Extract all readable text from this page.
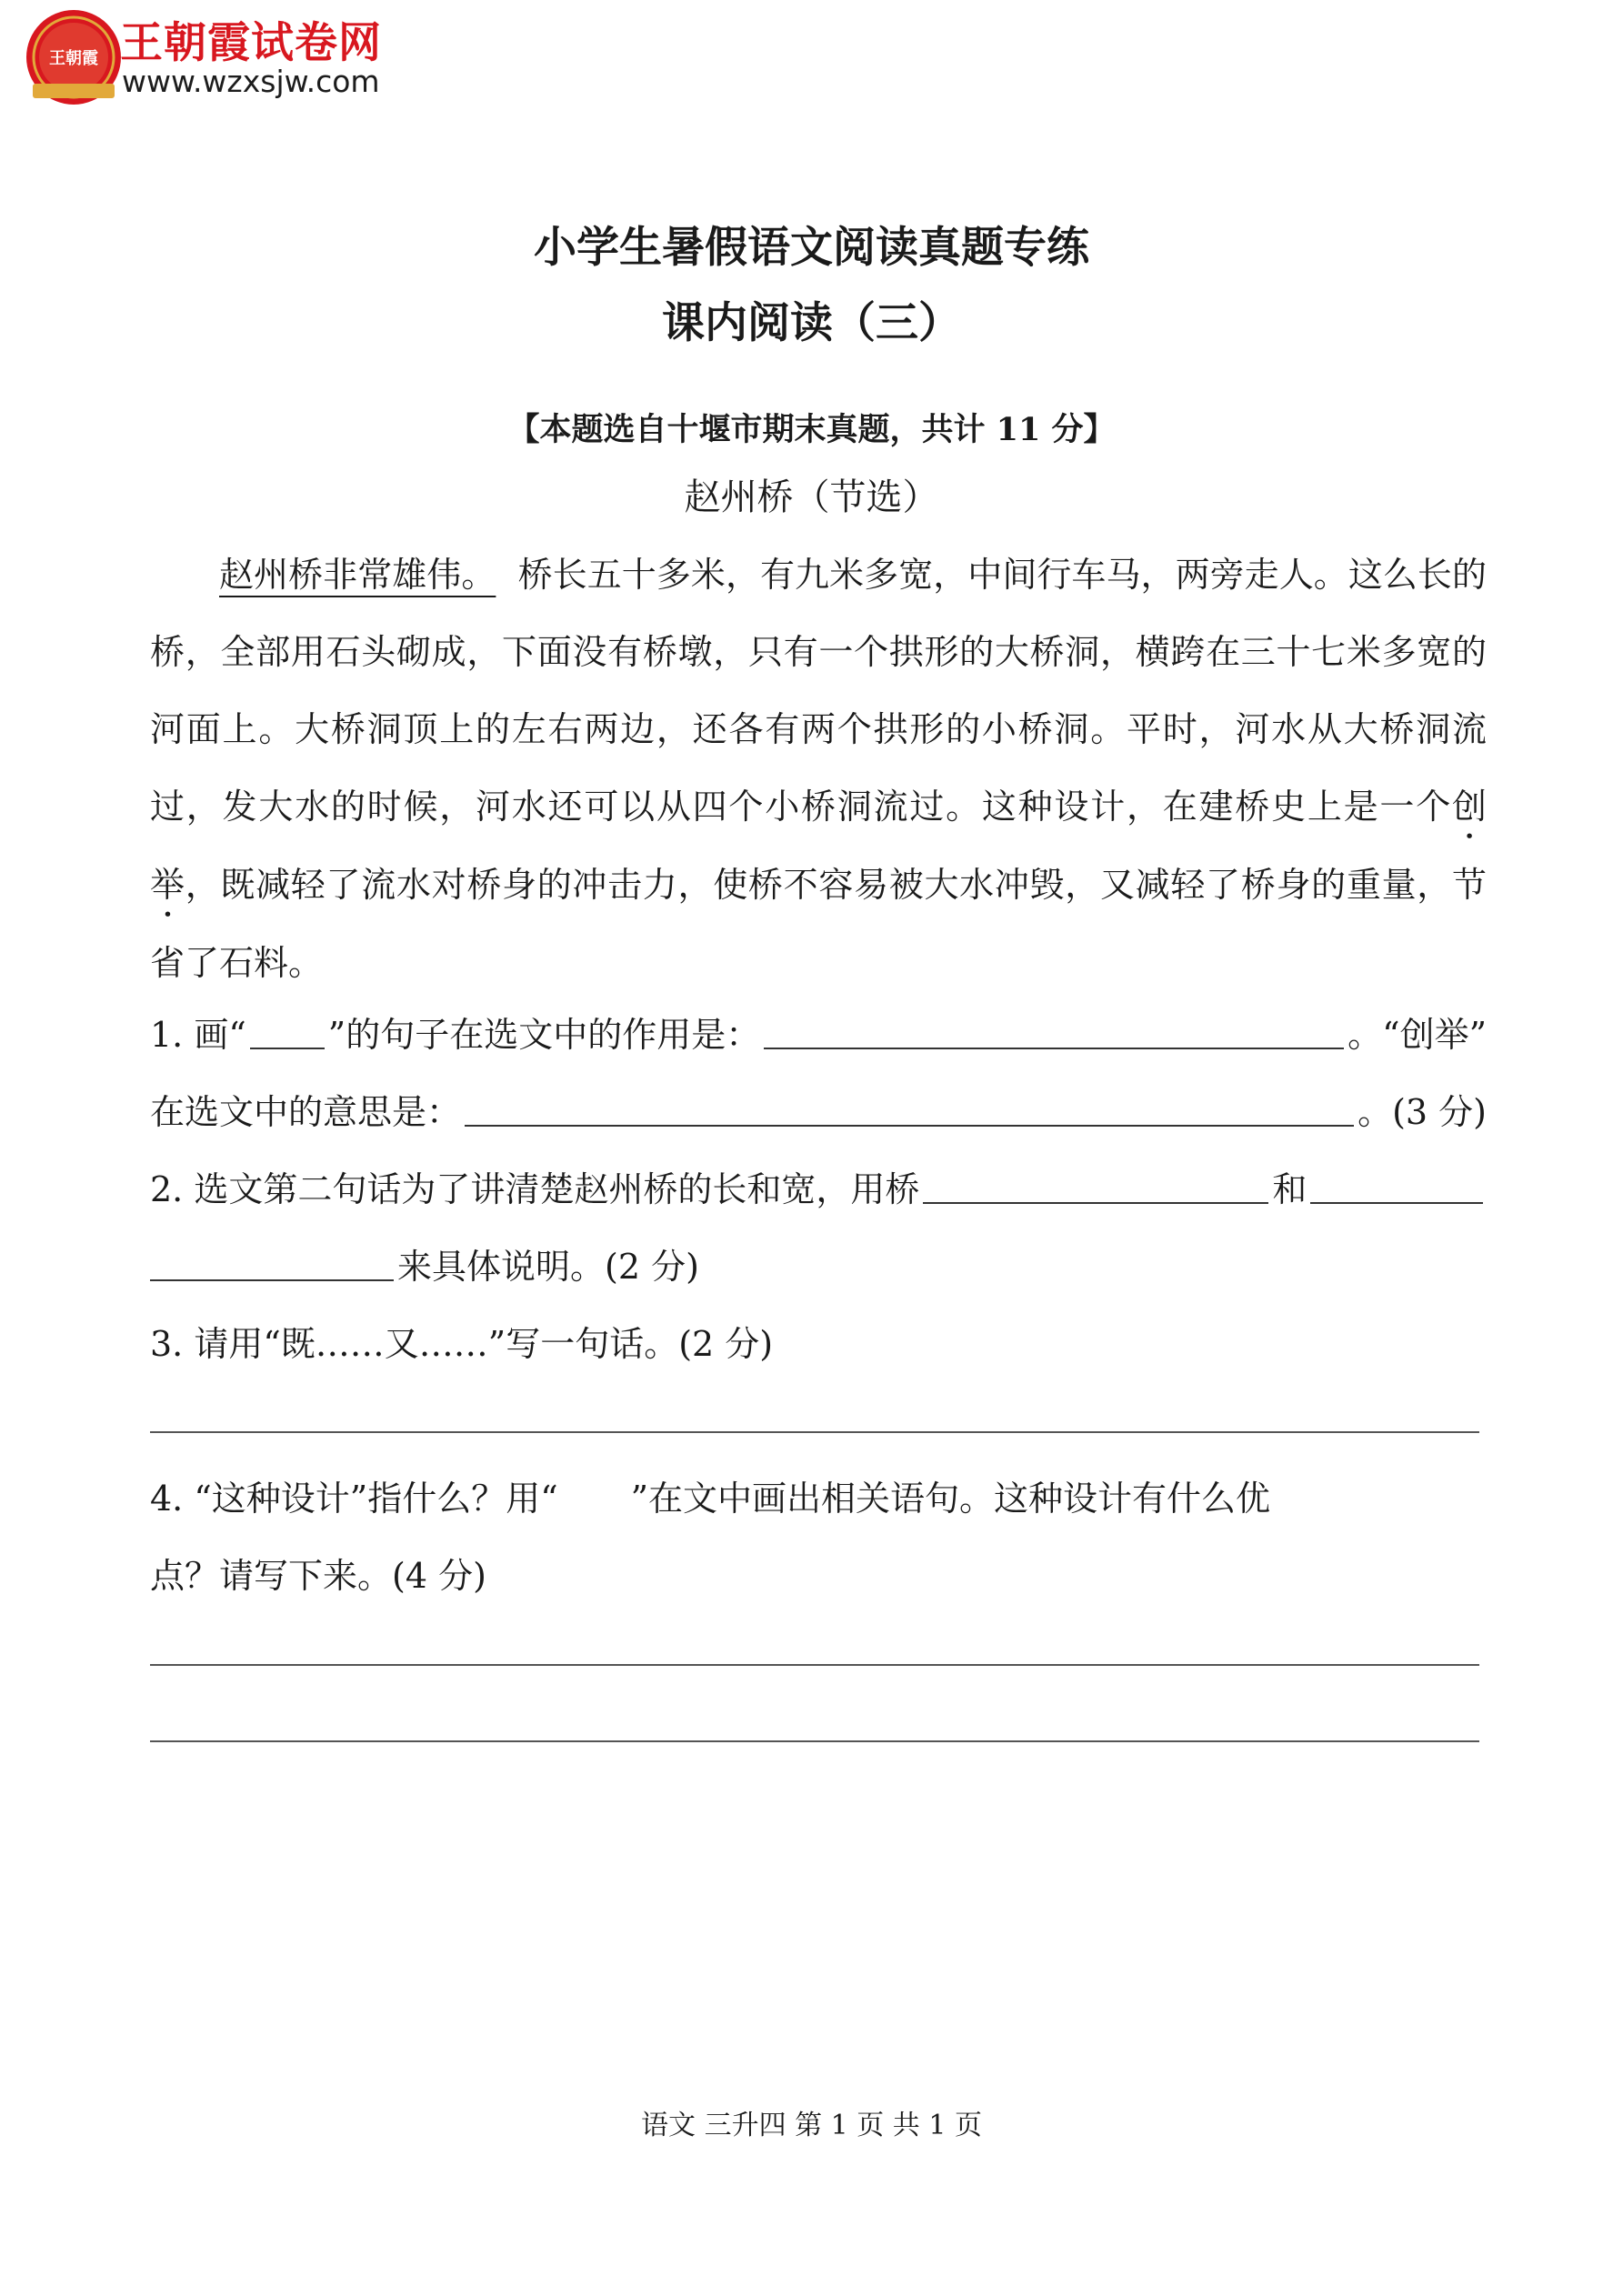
王朝霞 王朝霞试卷网
www.wzxsjw.com
小学生暑假语文阅读真题专练
课内阅读（三）
【本题选自十堰市期末真题，共计 11 分】
赵州桥（节选）

赵州桥非常雄伟。 桥长五十多米，有九米多宽，中间行车马，两旁走人。这么长的桥，全部用石头砌成，下面没有桥墩，只有一个拱形的大桥洞，横跨在三十七米多宽的河面上。大桥洞顶上的左右两边，还各有两个拱形的小桥洞。平时，河水从大桥洞流过，发大水的时候，河水还可以从四个小桥洞流过。这种设计，在建桥史上是一个创举，既减轻了流水对桥身的冲击力，使桥不容易被大水冲毁，又减轻了桥身的重量，节省了石料。

1. 画“ ”的句子在选文中的作用是：	。“创举”
在选文中的意思是：	。(3 分)
2. 选文第二句话为了讲清楚赵州桥的长和宽，用桥	和
来具体说明。(2 分)
3. 请用“既……又……”写一句话。(2 分)
4. “这种设计”指什么？用“ ”在文中画出相关语句。这种设计有什么优
点？请写下来。(4 分)
语文 三升四 第 1 页 共 1 页
